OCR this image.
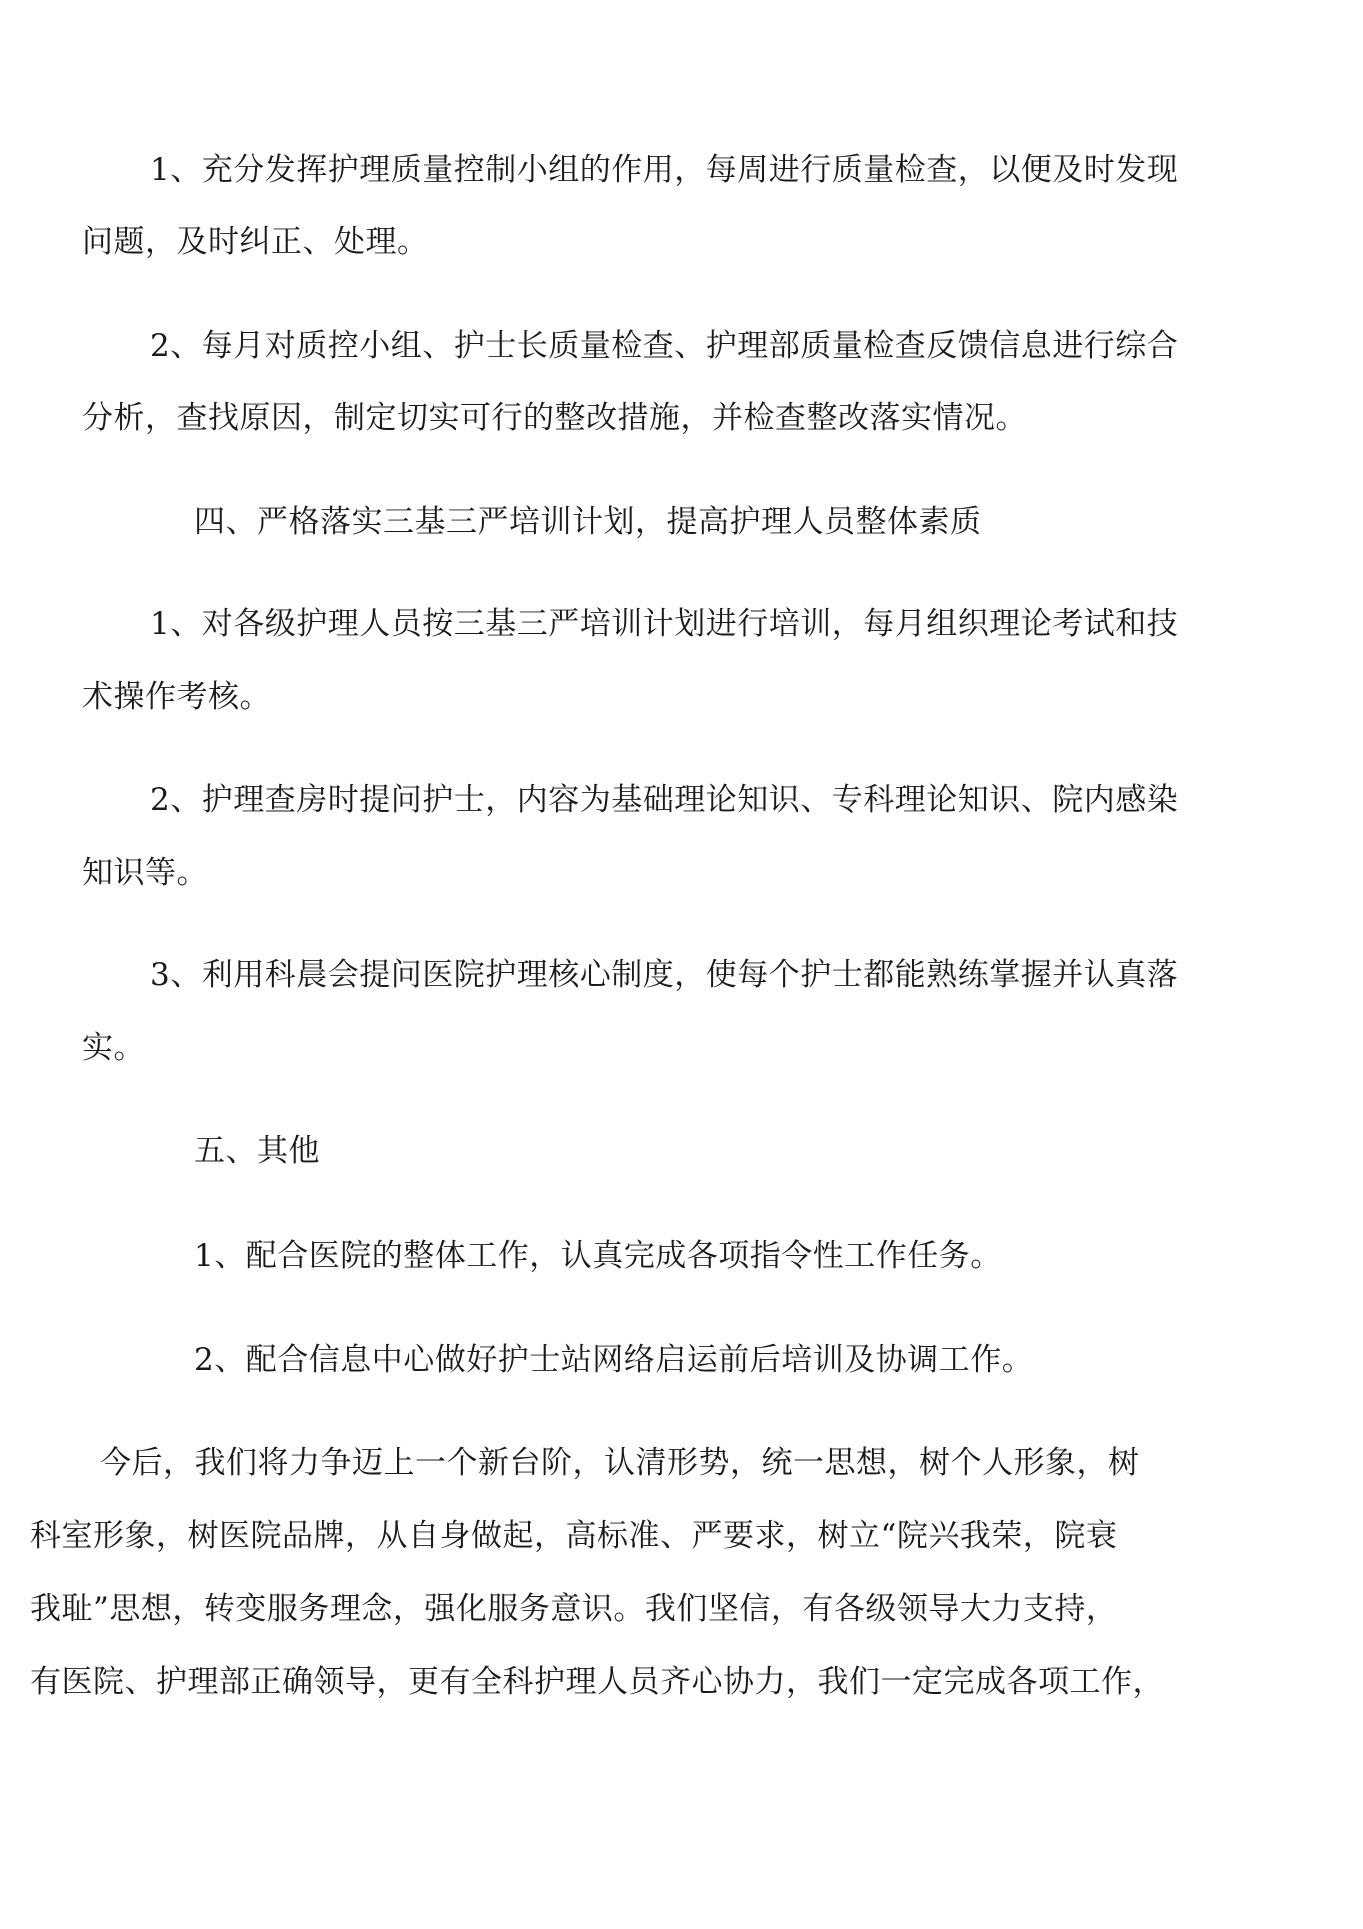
1、充分发挥护理质量控制小组的作用，每周进行质量检查，以便及时发现

问题，及时纠正、处理。

2、每月对质控小组、护士长质量检查、护理部质量检查反馈信息进行综合

分析，查找原因，制定切实可行的整改措施，并检查整改落实情况。

四、严格落实三基三严培训计划，提高护理人员整体素质

1、对各级护理人员按三基三严培训计划进行培训，每月组织理论考试和技

术操作考核。

2、护理查房时提问护士，内容为基础理论知识、专科理论知识、院内感染

知识等。

3、利用科晨会提问医院护理核心制度，使每个护士都能熟练掌握并认真落

实。

五、其他

1、配合医院的整体工作，认真完成各项指令性工作任务。

2、配合信息中心做好护士站网络启运前后培训及协调工作。

今后，我们将力争迈上一个新台阶，认清形势，统一思想，树个人形象，树

科室形象，树医院品牌，从自身做起，高标准、严要求，树立“院兴我荣，院衰

我耻”思想，转变服务理念，强化服务意识。我们坚信，有各级领导大力支持，

有医院、护理部正确领导，更有全科护理人员齐心协力，我们一定完成各项工作，
